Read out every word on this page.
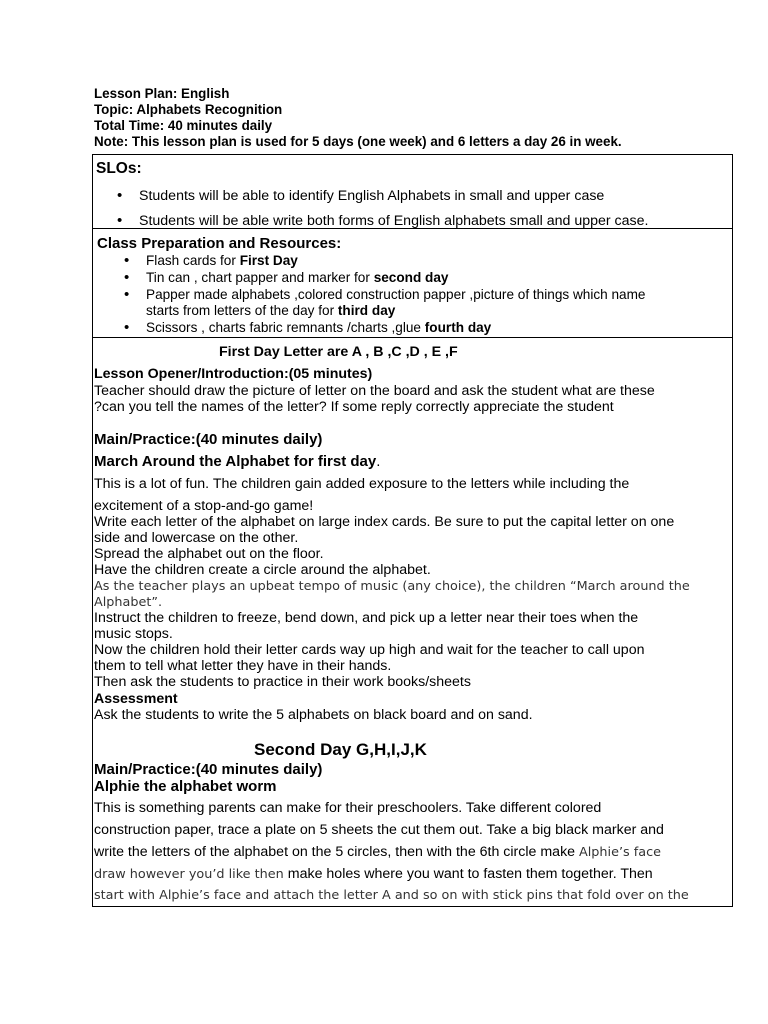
Lesson Plan: English
Topic: Alphabets Recognition
Total Time: 40 minutes daily
Note: This lesson plan is used for 5 days (one week) and 6 letters a day 26 in week.
SLOs:
• Students will be able to identify English Alphabets in small and upper case
• Students will be able write both forms of English alphabets small and upper case.
Class Preparation and Resources:
• Flash cards for First Day
• Tin can , chart papper and marker for second day
• Papper made alphabets ,colored construction papper ,picture of things which name
starts from letters of the day for third day
• Scissors , charts fabric remnants /charts ,glue fourth day
First Day Letter are A , B ,C ,D , E ,F
Lesson Opener/Introduction:(05 minutes)
Teacher should draw the picture of letter on the board and ask the student what are these
?can you tell the names of the letter? If some reply correctly appreciate the student
Main/Practice:(40 minutes daily)
March Around the Alphabet for first day.
This is a lot of fun. The children gain added exposure to the letters while including the
excitement of a stop-and-go game!
Write each letter of the alphabet on large index cards. Be sure to put the capital letter on one
side and lowercase on the other.
Spread the alphabet out on the floor.
Have the children create a circle around the alphabet.
As the teacher plays an upbeat tempo of music (any choice), the children “March around the
Alphabet”.
Instruct the children to freeze, bend down, and pick up a letter near their toes when the
music stops.
Now the children hold their letter cards way up high and wait for the teacher to call upon
them to tell what letter they have in their hands.
Then ask the students to practice in their work books/sheets
Assessment
Ask the students to write the 5 alphabets on black board and on sand.
Second Day G,H,I,J,K
Main/Practice:(40 minutes daily)
Alphie the alphabet worm
This is something parents can make for their preschoolers. Take different colored
construction paper, trace a plate on 5 sheets the cut them out. Take a big black marker and
write the letters of the alphabet on the 5 circles, then with the 6th circle make Alphie’s face
draw however you’d like then make holes where you want to fasten them together. Then
start with Alphie’s face and attach the letter A and so on with stick pins that fold over on the
